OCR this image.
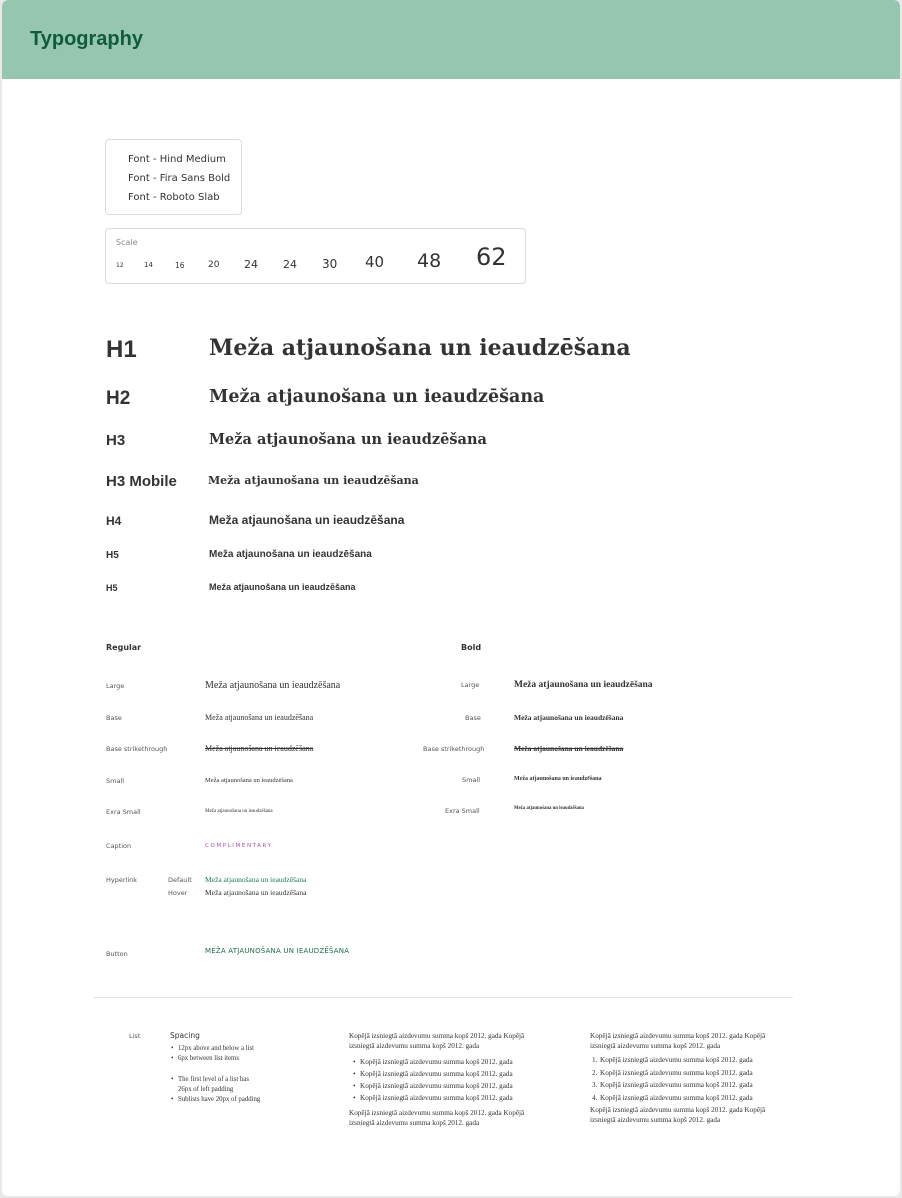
Typography
Font - Hind Medium
Font - Fira Sans Bold
Font - Roboto Slab
Scale
12	14	16	20 24 24 30 40 48 62
H1	Meža atjaunošana un ieaudzēšana
H2	Meža atjaunošana un ieaudzēšana
H3	Meža atjaunošana un ieaudzēšana
H3 Mobile	Meža atjaunošana un ieaudzēšana
H4	Meža atjaunošana un ieaudzēšana
H5	Meža atjaunošana un ieaudzēšana
H5	Meža atjaunošana un ieaudzēšana
Regular	Bold
Large	Meža atjaunošana un ieaudzēšana	Large	Meža atjaunošana un ieaudzēšana
Base	Meža atjaunošana un ieaudzēšana	Base	Meža atjaunošana un ieaudzēšana
Base strikethrough	Meža atjaunošana un ieaudzēšana	Base strikethrough	Meža atjaunošana un ieaudzēšana
Small	Meža atjaunošana un ieaudzēšana	Small	Meža atjaunošana un ieaudzēšana
Exra Small	Meža atjaunošana un ieaudzēšana	Exra Small	Meža atjaunošana un ieaudzēšana
Caption	COMPLIMENTARY
Hyperlink	Default Meža atjaunošana un ieaudzēšana
Hover Meža atjaunošana un ieaudzēšana
Button	MEŽA ATJAUNOŠANA UN IEAUDZĒŠANA
List	Spacing
• 12px above and below a list
• 6px between list items
• The first level of a list has
26px of left padding
• Sublists have 20px of padding
Kopējā izsniegtā aizdevumu summa kopš 2012. gada Kopējā
izsniegtā aizdevumu summa kopš 2012. gada
• Kopējā izsniegtā aizdevumu summa kopš 2012. gada
• Kopējā izsniegtā aizdevumu summa kopš 2012. gada
• Kopējā izsniegtā aizdevumu summa kopš 2012. gada
• Kopējā izsniegtā aizdevumu summa kopš 2012. gada
Kopējā izsniegtā aizdevumu summa kopš 2012. gada Kopējā
izsniegtā aizdevumu summa kopš 2012. gada
Kopējā izsniegtā aizdevumu summa kopš 2012. gada Kopējā
izsniegtā aizdevumu summa kopš 2012. gada
1. Kopējā izsniegtā aizdevumu summa kopš 2012. gada
2. Kopējā izsniegtā aizdevumu summa kopš 2012. gada
3. Kopējā izsniegtā aizdevumu summa kopš 2012. gada
4. Kopējā izsniegtā aizdevumu summa kopš 2012. gada
Kopējā izsniegtā aizdevumu summa kopš 2012. gada Kopējā
izsniegtā aizdevumu summa kopš 2012. gada
